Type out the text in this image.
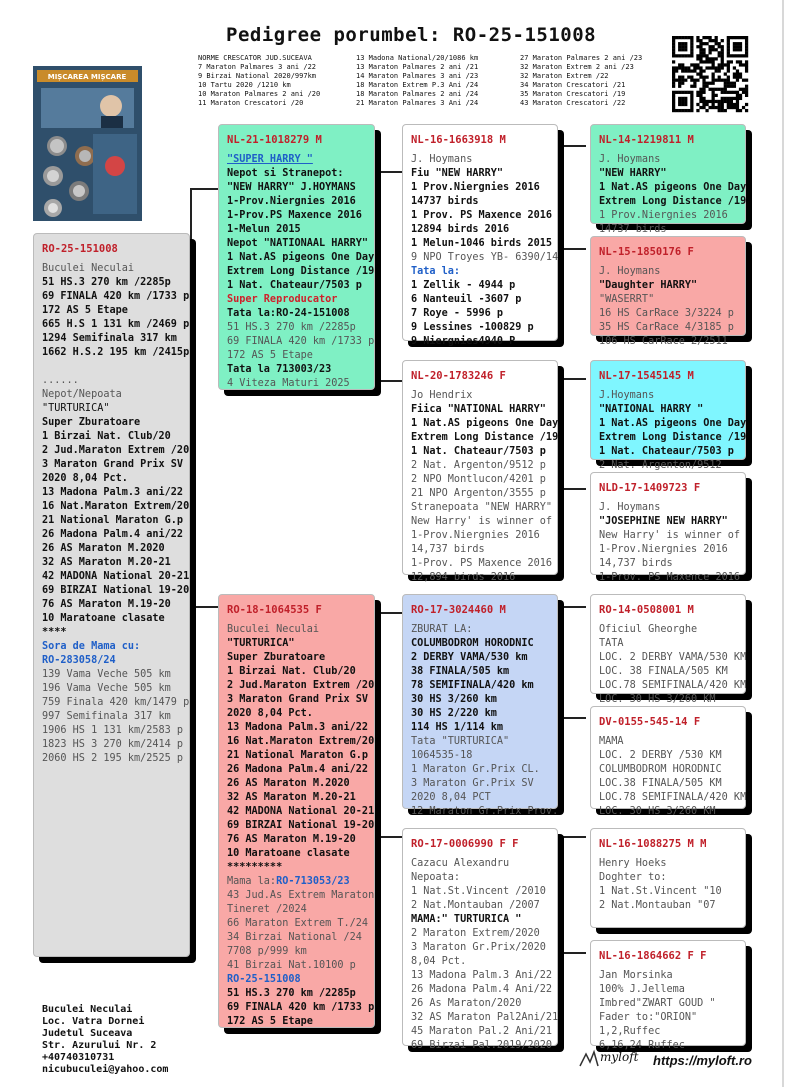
Pedigree porumbel: RO-25-151008
NORME CRESCATOR JUD.SUCEAVA
7 Maraton Palmares 3 ani /22
9 Birzai National 2020/997km
10 Tartu 2020 /1210 km
10 Maraton Palmares 2 ani /20
11 Maraton Crescatori /20
13 Madona National/20/1086 km
13 Maraton Palmares 2 ani /21
14 Maraton Palmares 3 ani /23
18 Maraton Extrem P.3 Ani /24
18 Maraton Palmares 2 ani /24
21 Maraton Palmares 3 Ani /24
27 Maraton Palmares 2 ani /23
32 Maraton Extrem 2 ani /23
32 Maraton Extrem /22
34 Maraton Crescatori /21
35 Maraton Crescatori /19
43 Maraton Crescatori /22
MIȘCAREA MIȘCARE
RO-25-151008
Buculei Neculai
51 HS.3 270 km /2285p
69 FINALA 420 km /1733 p
172 AS 5 Etape
665 H.S 1 131 km /2469 p
1294 Semifinala 317 km
1662 H.S.2 195 km /2415p

......
Nepot/Nepoata
"TURTURICA"
Super Zburatoare
1 Birzai Nat. Club/20
2 Jud.Maraton Extrem /20
3 Maraton Grand Prix SV
2020 8,04 Pct.
13 Madona Palm.3 ani/22
16 Nat.Maraton Extrem/20
21 National Maraton G.p
26 Madona Palm.4 ani/22
26 AS Maraton M.2020
32 AS Maraton M.20-21
42 MADONA National 20-21
69 BIRZAI National 19-20
76 AS Maraton M.19-20
10 Maratoane clasate
****
Sora de Mama cu:
RO-283058/24
139 Vama Veche 505 km
196 Vama Veche 505 km
759 Finala 420 km/1479 p
997 Semifinala 317 km
1906 HS 1 131 km/2583 p
1823 HS 3 270 km/2414 p
2060 HS 2 195 km/2525 p
NL-21-1018279 M
"SUPER HARRY "
Nepot si Stranepot:
"NEW HARRY" J.HOYMANS
1-Prov.Niergnies 2016
1-Prov.PS Maxence 2016
1-Melun 2015
Nepot "NATIONAAL HARRY"
1 Nat.AS pigeons One Day
Extrem Long Distance /19
1 Nat. Chateaur/7503 p
Super Reproducator
Tata la:RO-24-151008
51 HS.3 270 km /2285p
69 FINALA 420 km /1733 p
172 AS 5 Etape
Tata la 713003/23
4 Viteza Maturi 2025
RO-18-1064535 F
Buculei Neculai
"TURTURICA"
Super Zburatoare
1 Birzai Nat. Club/20
2 Jud.Maraton Extrem /20
3 Maraton Grand Prix SV
2020 8,04 Pct.
13 Madona Palm.3 ani/22
16 Nat.Maraton Extrem/20
21 National Maraton G.p
26 Madona Palm.4 ani/22
26 AS Maraton M.2020
32 AS Maraton M.20-21
42 MADONA National 20-21
69 BIRZAI National 19-20
76 AS Maraton M.19-20
10 Maratoane clasate
*********
Mama la:RO-713053/23
43 Jud.As Extrem Maraton
Tineret /2024
66 Maraton Extrem T./24
34 Birzai National /24
7708 p/999 km
41 Birzai Nat.10100 p
RO-25-151008
51 HS.3 270 km /2285p
69 FINALA 420 km /1733 p
172 AS 5 Etape
NL-16-1663918 M
J. Hoymans
Fiu "NEW HARRY"
1 Prov.Niergnies 2016
14737 birds
1 Prov. PS Maxence 2016
12894 birds 2016
1 Melun-1046 birds 2015
9 NPO Troyes YB- 6390/14
Tata la:
1 Zellik - 4944 p
6 Nanteuil -3607 p
7 Roye - 5996 p
9 Lessines -100829 p
9 Niergnies4940 P
NL-20-1783246 F
Jo Hendrix
Fiica "NATIONAL HARRY"
1 Nat.AS pigeons One Day
Extrem Long Distance /19
1 Nat. Chateaur/7503 p
2 Nat. Argenton/9512 p
2 NPO Montlucon/4201 p
21 NPO Argenton/3555 p
Stranepoata "NEW HARRY"
New Harry' is winner of
1-Prov.Niergnies 2016
14,737 birds
1-Prov. PS Maxence 2016
12,894 birds 2016
RO-17-3024460 M
ZBURAT LA:
COLUMBODROM HORODNIC
2 DERBY VAMA/530 km
38 FINALA/505 km
78 SEMIFINALA/420 km
30 HS 3/260 km
30 HS 2/220 km
114 HS 1/114 km
Tata "TURTURICA"
1064535-18
1 Maraton Gr.Prix CL.
3 Maraton Gr.Prix SV
2020 8,04 PCT
12 Maraton Gr.Prix Prov.
RO-17-0006990 F F
Cazacu Alexandru
Nepoata:
1 Nat.St.Vincent /2010
2 Nat.Montauban /2007
MAMA:" TURTURICA "
2 Maraton Extrem/2020
3 Maraton Gr.Prix/2020
8,04 Pct.
13 Madona Palm.3 Ani/22
26 Madona Palm.4 Ani/22
26 As Maraton/2020
32 AS Maraton Pal2Ani/21
45 Maraton Pal.2 Ani/21
69 Birzai Pal.2019/2020
NL-14-1219811 M
J. Hoymans
"NEW HARRY"
1 Nat.AS pigeons One Day
Extrem Long Distance /19
1 Prov.Niergnies 2016
14737 birds
NL-15-1850176 F
J. Hoymans
"Daughter HARRY"
"WASERRT"
16 HS CarRace 3/3224 p
35 HS CarRace 4/3185 p
106 HS CarRace 2/2511
NL-17-1545145 M
J.Hoymans
"NATIONAL HARRY "
1 Nat.AS pigeons One Day
Extrem Long Distance /19
1 Nat. Chateaur/7503 p
2 Nat. Argenton/9512
NLD-17-1409723 F
J. Hoymans
"JOSEPHINE NEW HARRY"
New Harry' is winner of
1-Prov.Niergnies 2016
14,737 birds
1-Prov. PS Maxence 2016
RO-14-0508001 M
Oficiul Gheorghe
TATA
LOC. 2 DERBY VAMA/530 KM
LOC. 38 FINALA/505 KM
LOC.78 SEMIFINALA/420 KM
LOC. 30 HS 3/260 KM
DV-0155-545-14 F
MAMA
LOC. 2 DERBY /530 KM
COLUMBODROM HORODNIC
LOC.38 FINALA/505 KM
LOC.78 SEMIFINALA/420 KM
LOC. 30 HS 3/260 KM
NL-16-1088275 M M
Henry Hoeks
Doghter to:
1 Nat.St.Vincent "10
2 Nat.Montauban "07
NL-16-1864662 F F
Jan Morsinka
100% J.Jellema
Imbred"ZWART GOUD "
Fader to:"ORION"
1,2,Ruffec
6,16,24 Ruffec
Buculei Neculai
Loc. Vatra Dornei
Judetul Suceava
Str. Azurului Nr. 2
+40740310731
nicubuculei@yahoo.com
myloft https://myloft.ro
